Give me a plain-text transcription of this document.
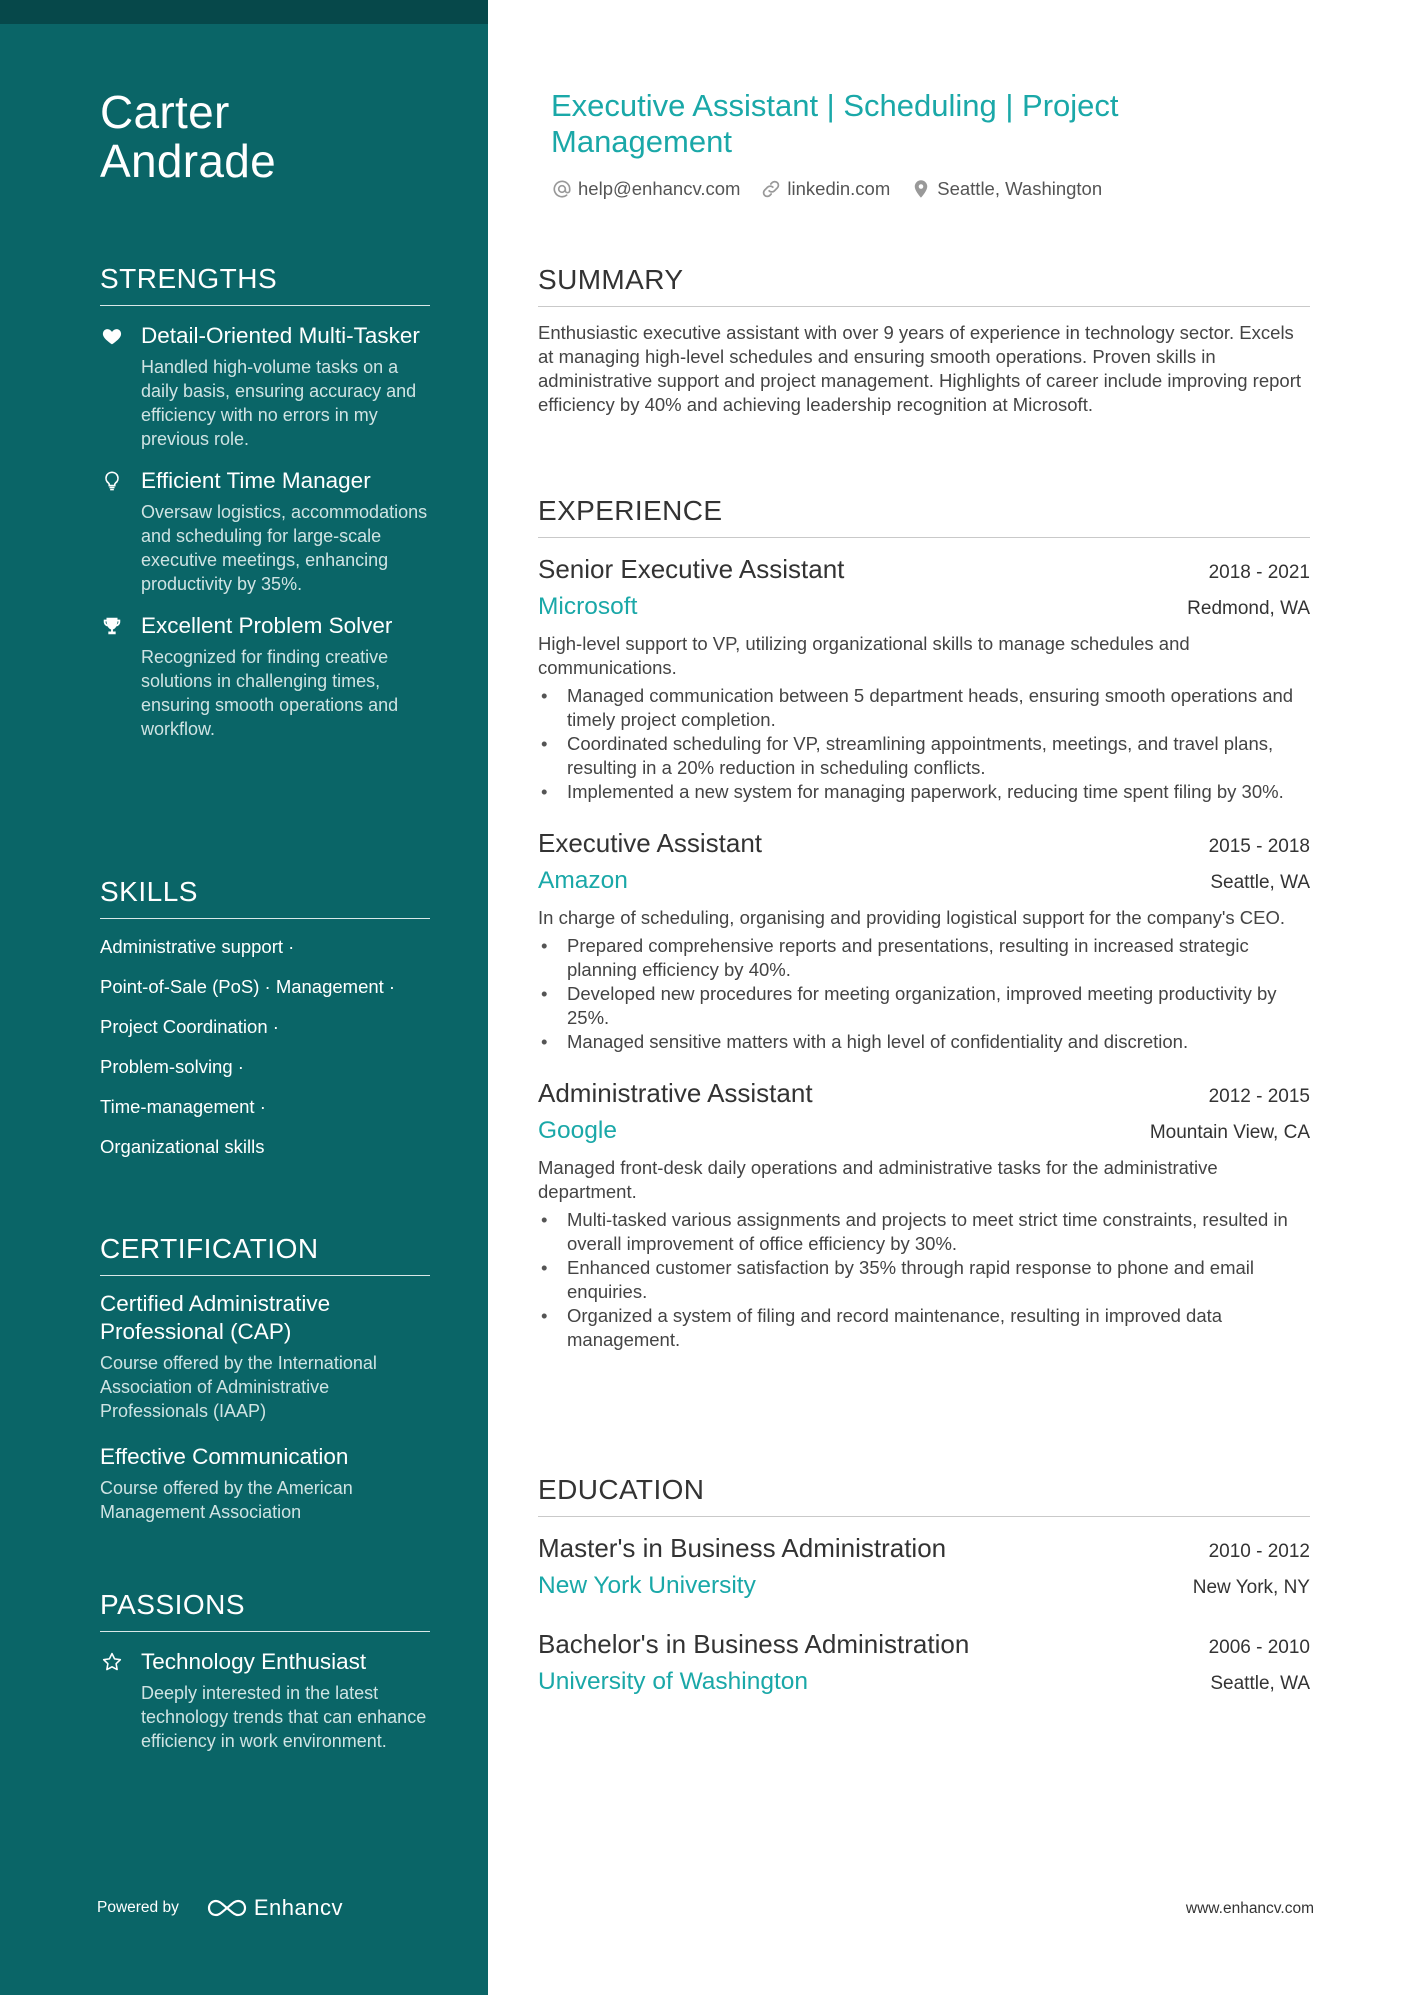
Carter
Andrade
STRENGTHS
Detail-Oriented Multi-Tasker
Handled high-volume tasks on a daily basis, ensuring accuracy and efficiency with no errors in my previous role.
Efficient Time Manager
Oversaw logistics, accommodations and scheduling for large-scale executive meetings, enhancing productivity by 35%.
Excellent Problem Solver
Recognized for finding creative solutions in challenging times, ensuring smooth operations and workflow.
SKILLS
Administrative support ·
Point-of-Sale (PoS) · Management ·
Project Coordination ·
Problem-solving ·
Time-management ·
Organizational skills
CERTIFICATION
Certified Administrative Professional (CAP)
Course offered by the International Association of Administrative Professionals (IAAP)
Effective Communication
Course offered by the American Management Association
PASSIONS
Technology Enthusiast
Deeply interested in the latest technology trends that can enhance efficiency in work environment.
Powered by	Enhancv
Executive Assistant | Scheduling | Project Management
help@enhancv.com	linkedin.com	Seattle, Washington
SUMMARY
Enthusiastic executive assistant with over 9 years of experience in technology sector. Excels at managing high-level schedules and ensuring smooth operations. Proven skills in administrative support and project management. Highlights of career include improving report efficiency by 40% and achieving leadership recognition at Microsoft.
EXPERIENCE
Senior Executive Assistant	2018 - 2021
Microsoft	Redmond, WA
High-level support to VP, utilizing organizational skills to manage schedules and communications.
• Managed communication between 5 department heads, ensuring smooth operations and timely project completion.
• Coordinated scheduling for VP, streamlining appointments, meetings, and travel plans, resulting in a 20% reduction in scheduling conflicts.
• Implemented a new system for managing paperwork, reducing time spent filing by 30%.
Executive Assistant	2015 - 2018
Amazon	Seattle, WA
In charge of scheduling, organising and providing logistical support for the company's CEO.
• Prepared comprehensive reports and presentations, resulting in increased strategic planning efficiency by 40%.
• Developed new procedures for meeting organization, improved meeting productivity by 25%.
• Managed sensitive matters with a high level of confidentiality and discretion.
Administrative Assistant	2012 - 2015
Google	Mountain View, CA
Managed front-desk daily operations and administrative tasks for the administrative department.
• Multi-tasked various assignments and projects to meet strict time constraints, resulted in overall improvement of office efficiency by 30%.
• Enhanced customer satisfaction by 35% through rapid response to phone and email enquiries.
• Organized a system of filing and record maintenance, resulting in improved data management.
EDUCATION
Master's in Business Administration	2010 - 2012
New York University	New York, NY
Bachelor's in Business Administration	2006 - 2010
University of Washington	Seattle, WA
www.enhancv.com
